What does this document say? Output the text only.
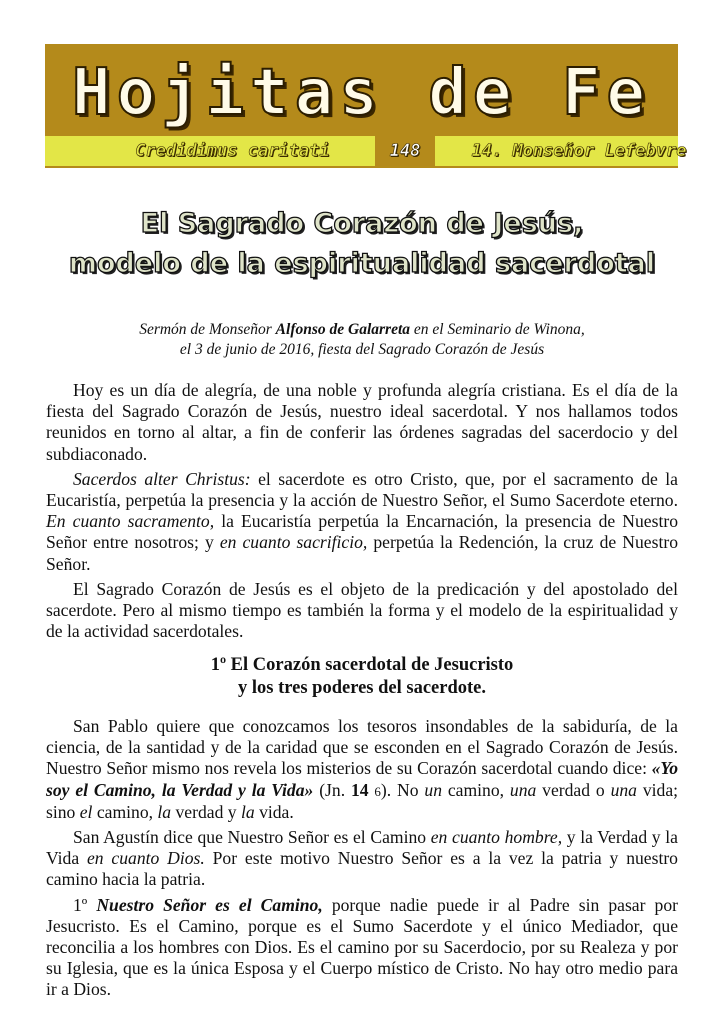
Hojitas de Fe
Credidimus caritati	148	14. Monseñor Lefebvre
El Sagrado Corazón de Jesús,
modelo de la espiritualidad sacerdotal
Sermón de Monseñor Alfonso de Galarreta en el Seminario de Winona,
el 3 de junio de 2016, fiesta del Sagrado Corazón de Jesús

Hoy es un día de alegría, de una noble y profunda alegría cristiana. Es el día de la fiesta del Sagrado Corazón de Jesús, nuestro ideal sacerdotal. Y nos hallamos todos reunidos en torno al altar, a fin de conferir las órdenes sagradas del sacerdocio y del subdiaconado.

Sacerdos alter Christus: el sacerdote es otro Cristo, que, por el sacramento de la Eucaristía, perpetúa la presencia y la acción de Nuestro Señor, el Sumo Sacerdote eterno. En cuanto sacramento, la Eucaristía perpetúa la Encarnación, la presencia de Nuestro Señor entre nosotros; y en cuanto sacrificio, perpetúa la Redención, la cruz de Nuestro Señor.

El Sagrado Corazón de Jesús es el objeto de la predicación y del apostolado del sacerdote. Pero al mismo tiempo es también la forma y el modelo de la espiritualidad y de la actividad sacerdotales.

1º El Corazón sacerdotal de Jesucristo
y los tres poderes del sacerdote.

San Pablo quiere que conozcamos los tesoros insondables de la sabiduría, de la ciencia, de la santidad y de la caridad que se esconden en el Sagrado Corazón de Jesús. Nuestro Señor mismo nos revela los misterios de su Corazón sacerdotal cuando dice: «Yo soy el Camino, la Verdad y la Vida» (Jn. 14 6). No un camino, una verdad o una vida; sino el camino, la verdad y la vida.

San Agustín dice que Nuestro Señor es el Camino en cuanto hombre, y la Verdad y la Vida en cuanto Dios. Por este motivo Nuestro Señor es a la vez la patria y nuestro camino hacia la patria.

1º Nuestro Señor es el Camino, porque nadie puede ir al Padre sin pasar por Jesucristo. Es el Camino, porque es el Sumo Sacerdote y el único Mediador, que reconcilia a los hombres con Dios. Es el camino por su Sacerdocio, por su Realeza y por su Iglesia, que es la única Esposa y el Cuerpo místico de Cristo. No hay otro medio para ir a Dios.
